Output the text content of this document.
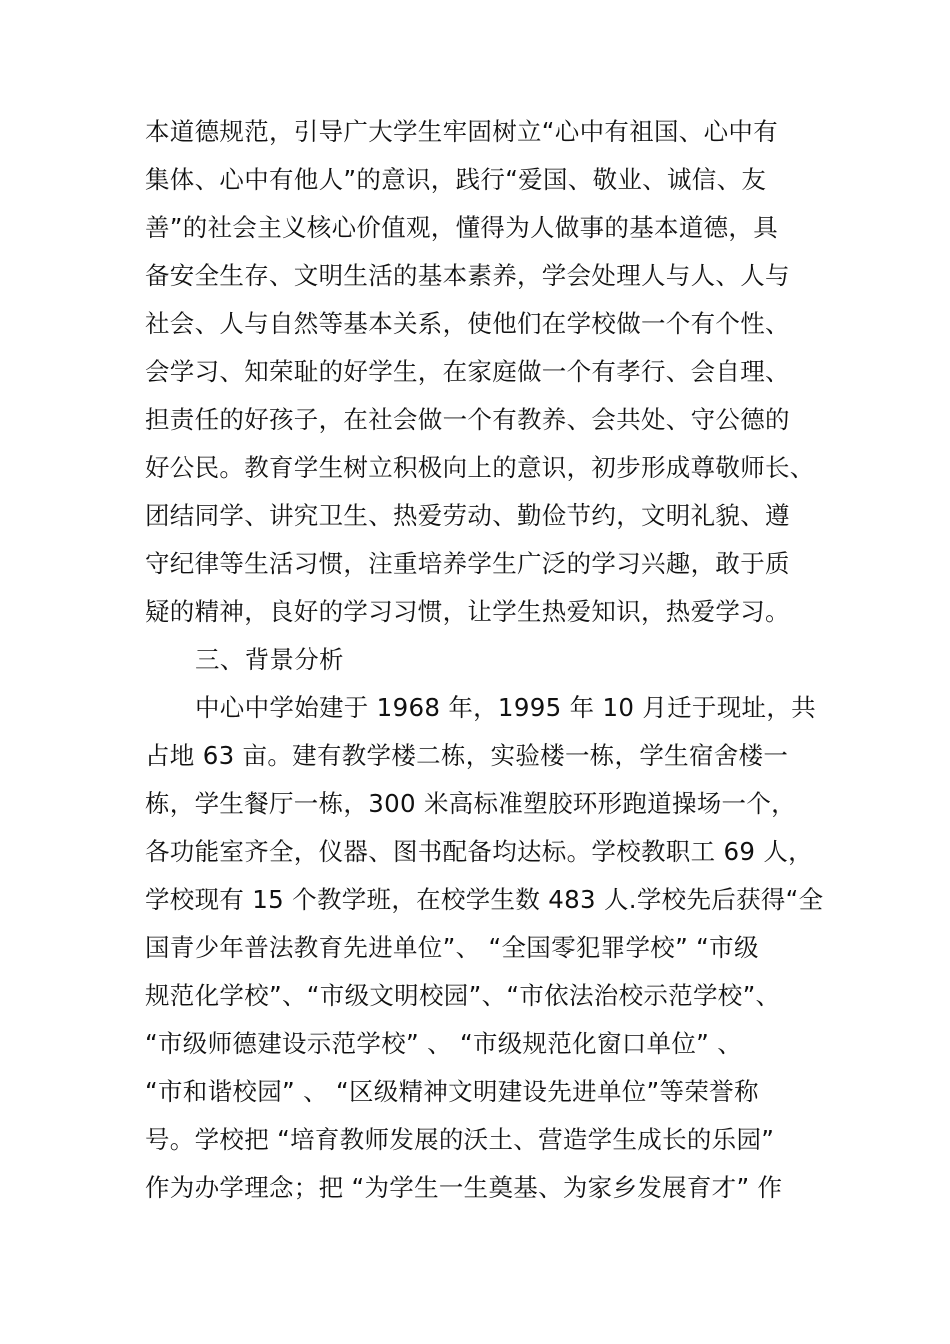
本道德规范，引导广大学生牢固树立“心中有祖国、心中有
集体、心中有他人”的意识，践行“爱国、敬业、诚信、友
善”的社会主义核心价值观，懂得为人做事的基本道德，具
备安全生存、文明生活的基本素养，学会处理人与人、人与
社会、人与自然等基本关系，使他们在学校做一个有个性、
会学习、知荣耻的好学生，在家庭做一个有孝行、会自理、
担责任的好孩子，在社会做一个有教养、会共处、守公德的
好公民。教育学生树立积极向上的意识，初步形成尊敬师长、
团结同学、讲究卫生、热爱劳动、勤俭节约，文明礼貌、遵
守纪律等生活习惯，注重培养学生广泛的学习兴趣，敢于质
疑的精神，良好的学习习惯，让学生热爱知识，热爱学习。
三、背景分析
中心中学始建于 1968 年，1995 年 10 月迁于现址，共
占地 63 亩。建有教学楼二栋，实验楼一栋，学生宿舍楼一
栋，学生餐厅一栋，300 米高标准塑胶环形跑道操场一个，
各功能室齐全，仪器、图书配备均达标。学校教职工 69 人，
学校现有 15 个教学班，在校学生数 483 人.学校先后获得“全
国青少年普法教育先进单位”、 “全国零犯罪学校” “市级
规范化学校”、“市级文明校园”、“市依法治校示范学校”、
“市级师德建设示范学校” 、 “市级规范化窗口单位” 、
“市和谐校园” 、 “区级精神文明建设先进单位”等荣誉称
号。学校把 “培育教师发展的沃土、营造学生成长的乐园”
作为办学理念；把 “为学生一生奠基、为家乡发展育才” 作
